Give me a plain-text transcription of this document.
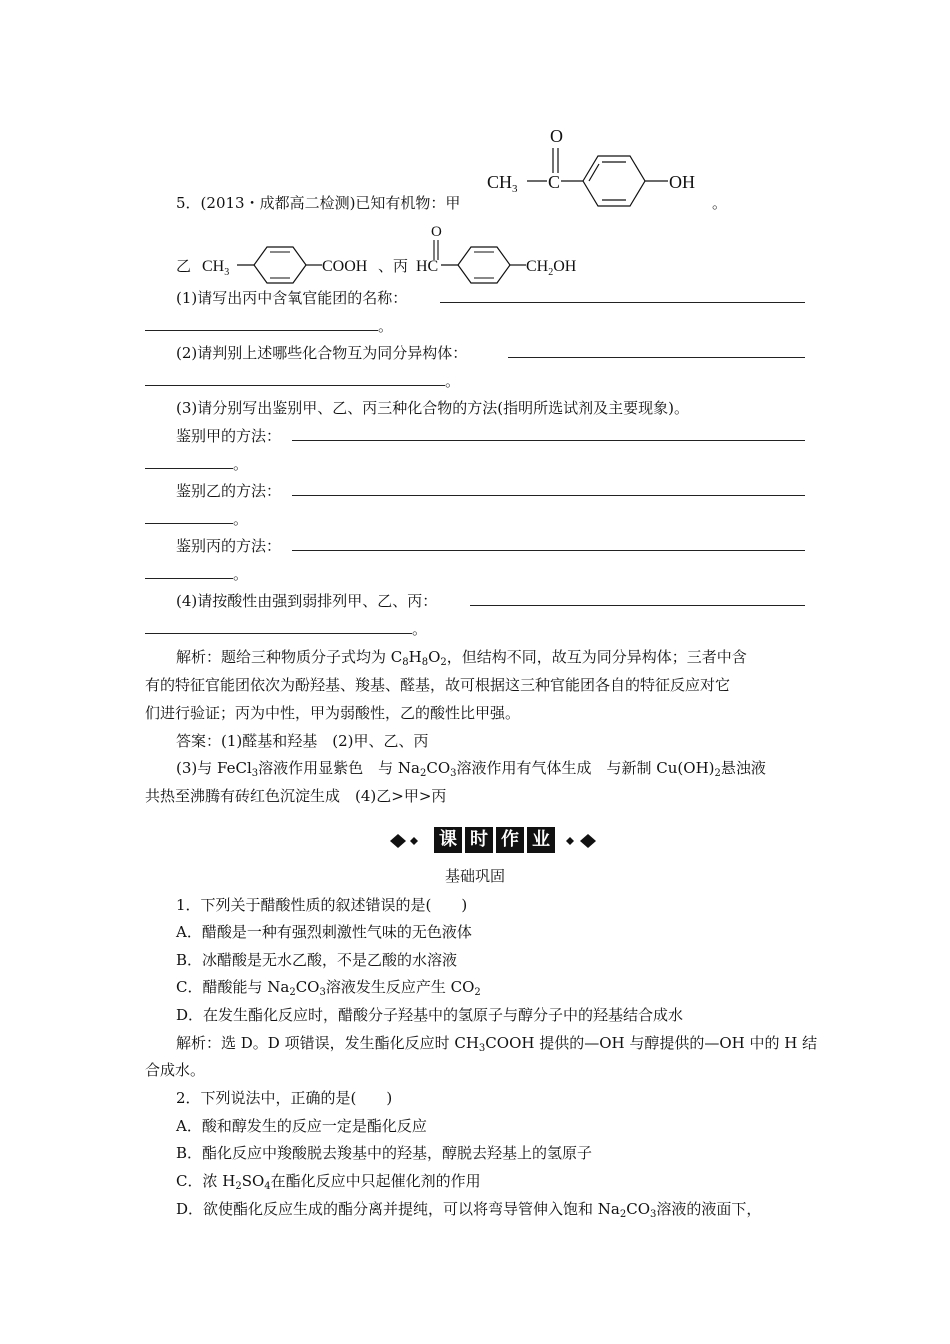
5．(2013・成都高二检测)已知有机物：甲
O
$CH_3$ C	OH
。
乙 $CH_3$	COOH 、丙
O
HC	$CH_2OH$
(1)请写出丙中含氧官能团的名称：
。
(2)请判别上述哪些化合物互为同分异构体：
。
(3)请分别写出鉴别甲、乙、丙三种化合物的方法(指明所选试剂及主要现象)。
鉴别甲的方法：
。
鉴别乙的方法：
。
鉴别丙的方法：
。
(4)请按酸性由强到弱排列甲、乙、丙：
。
解析：题给三种物质分子式均为 $C_8H_8O_2$，但结构不同，故互为同分异构体；三者中含
有的特征官能团依次为酚羟基、羧基、醛基，故可根据这三种官能团各自的特征反应对它
们进行验证；丙为中性，甲为弱酸性，乙的酸性比甲强。
答案：(1)醛基和羟基　(2)甲、乙、丙
(3)与 FeCl$_3$溶液作用显紫色　与 $Na_2CO_3$溶液作用有气体生成　与新制 $Cu(OH)_2$悬浊液
共热至沸腾有砖红色沉淀生成　(4)乙>甲>丙
课 时 作 业
基础巩固
1．下列关于醋酸性质的叙述错误的是(　　)
A．醋酸是一种有强烈刺激性气味的无色液体
B．冰醋酸是无水乙酸，不是乙酸的水溶液
C．醋酸能与 $Na_2CO_3$溶液发生反应产生 $CO_2$
D．在发生酯化反应时，醋酸分子羟基中的氢原子与醇分子中的羟基结合成水
解析：选 D。D 项错误，发生酯化反应时 $CH_3COOH$ 提供的—OH 与醇提供的—OH 中的 H 结
合成水。
2．下列说法中，正确的是(　　)
A．酸和醇发生的反应一定是酯化反应
B．酯化反应中羧酸脱去羧基中的羟基，醇脱去羟基上的氢原子
C．浓 $H_2SO_4$在酯化反应中只起催化剂的作用
D．欲使酯化反应生成的酯分离并提纯，可以将弯导管伸入饱和 $Na_2CO_3$溶液的液面下，
